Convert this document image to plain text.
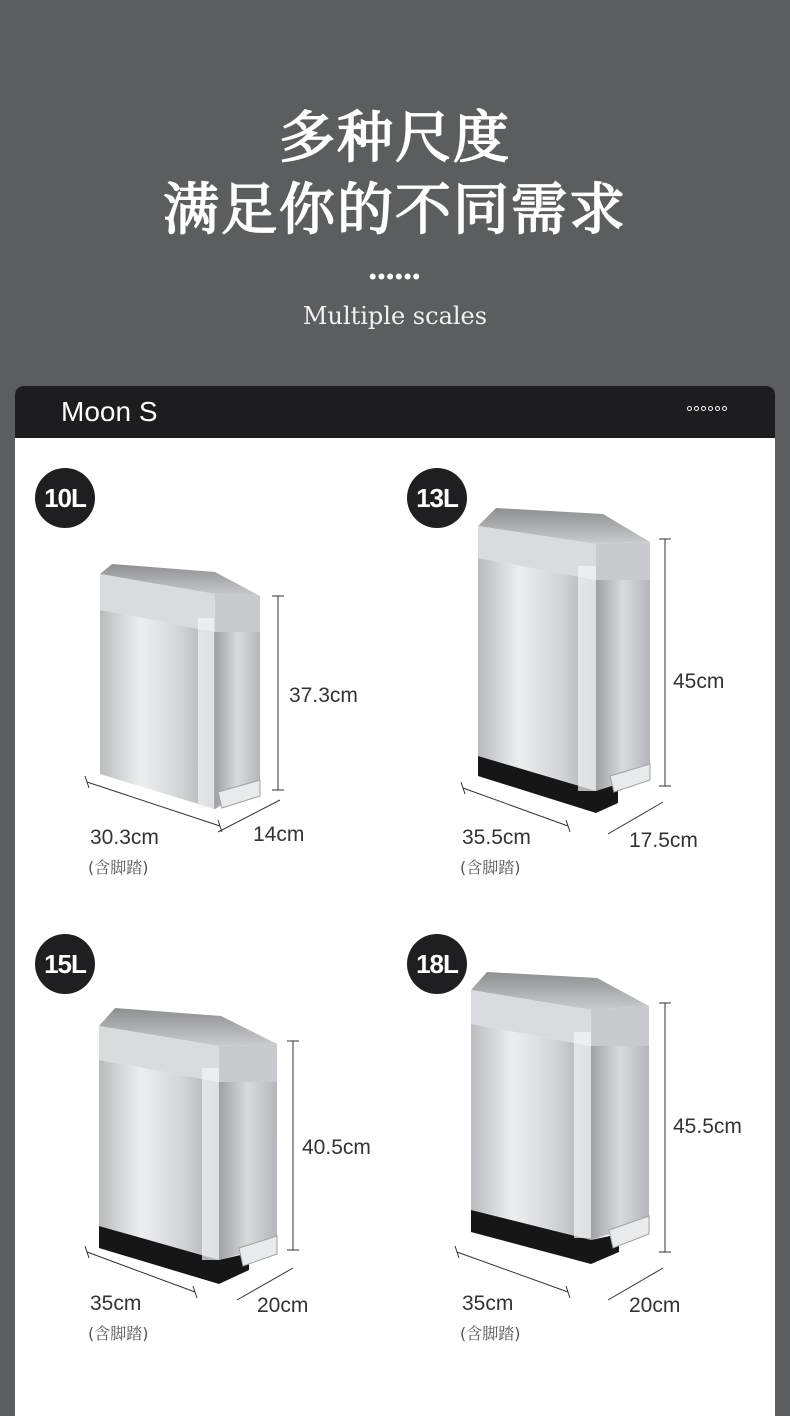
多种尺度
满足你的不同需求
••••••
Multiple scales
Moon S
10L
37.3cm
30.3cm
(含脚踏)
14cm
13L
45cm
35.5cm
(含脚踏)
17.5cm
15L
40.5cm
35cm
(含脚踏)
20cm
18L
45.5cm
35cm
(含脚踏)
20cm
